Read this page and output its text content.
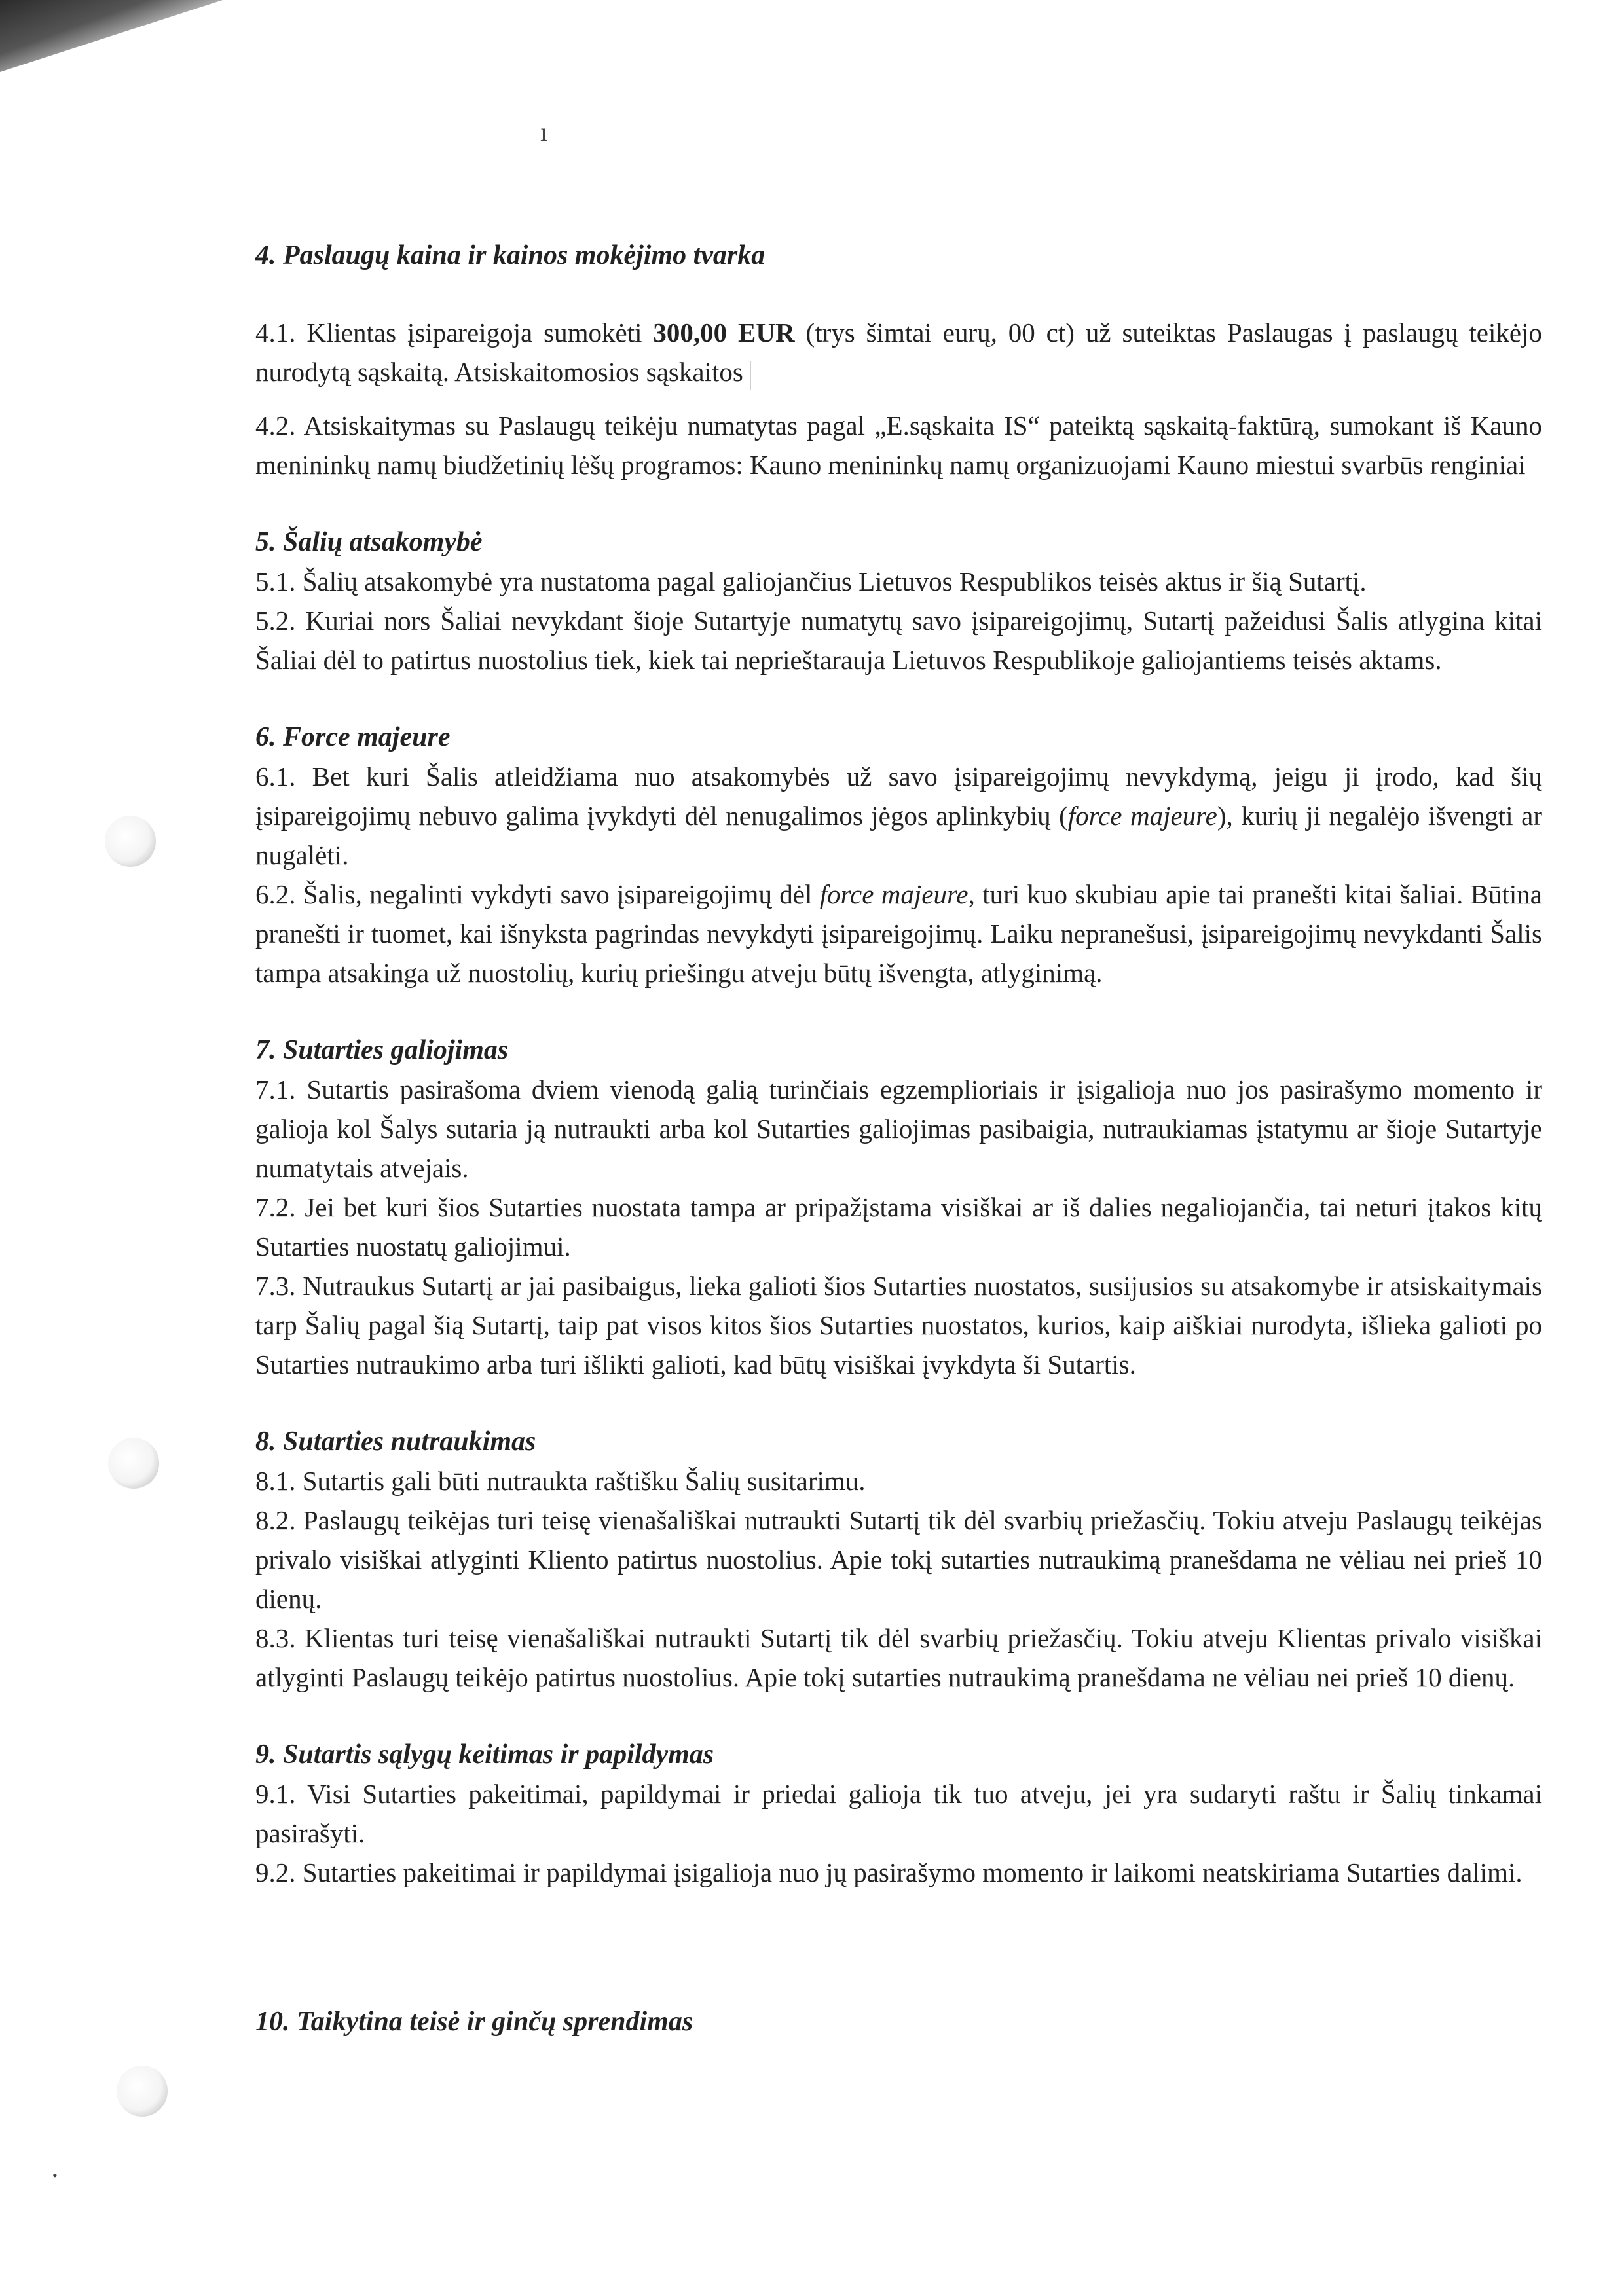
ı
•

4. Paslaugų kaina ir kainos mokėjimo tvarka

4.1. Klientas įsipareigoja sumokėti 300,00 EUR (trys šimtai eurų, 00 ct) už suteiktas Paslaugas į paslaugų teikėjo nurodytą sąskaitą. Atsiskaitomosios sąskaitos

4.2. Atsiskaitymas su Paslaugų teikėju numatytas pagal „E.sąskaita IS“ pateiktą sąskaitą-faktūrą, sumokant iš Kauno menininkų namų biudžetinių lėšų programos: Kauno menininkų namų organizuojami Kauno miestui svarbūs renginiai

5. Šalių atsakomybė

5.1. Šalių atsakomybė yra nustatoma pagal galiojančius Lietuvos Respublikos teisės aktus ir šią Sutartį.

5.2. Kuriai nors Šaliai nevykdant šioje Sutartyje numatytų savo įsipareigojimų, Sutartį pažeidusi Šalis atlygina kitai Šaliai dėl to patirtus nuostolius tiek, kiek tai neprieštarauja Lietuvos Respublikoje galiojantiems teisės aktams.

6. Force majeure

6.1. Bet kuri Šalis atleidžiama nuo atsakomybės už savo įsipareigojimų nevykdymą, jeigu ji įrodo, kad šių įsipareigojimų nebuvo galima įvykdyti dėl nenugalimos jėgos aplinkybių (force majeure), kurių ji negalėjo išvengti ar nugalėti.

6.2. Šalis, negalinti vykdyti savo įsipareigojimų dėl force majeure, turi kuo skubiau apie tai pranešti kitai šaliai. Būtina pranešti ir tuomet, kai išnyksta pagrindas nevykdyti įsipareigojimų. Laiku nepranešusi, įsipareigojimų nevykdanti Šalis tampa atsakinga už nuostolių, kurių priešingu atveju būtų išvengta, atlyginimą.

7. Sutarties galiojimas

7.1. Sutartis pasirašoma dviem vienodą galią turinčiais egzemplioriais ir įsigalioja nuo jos pasirašymo momento ir galioja kol Šalys sutaria ją nutraukti arba kol Sutarties galiojimas pasibaigia, nutraukiamas įstatymu ar šioje Sutartyje numatytais atvejais.

7.2. Jei bet kuri šios Sutarties nuostata tampa ar pripažįstama visiškai ar iš dalies negaliojančia, tai neturi įtakos kitų Sutarties nuostatų galiojimui.

7.3. Nutraukus Sutartį ar jai pasibaigus, lieka galioti šios Sutarties nuostatos, susijusios su atsakomybe ir atsiskaitymais tarp Šalių pagal šią Sutartį, taip pat visos kitos šios Sutarties nuostatos, kurios, kaip aiškiai nurodyta, išlieka galioti po Sutarties nutraukimo arba turi išlikti galioti, kad būtų visiškai įvykdyta ši Sutartis.

8. Sutarties nutraukimas

8.1. Sutartis gali būti nutraukta raštišku Šalių susitarimu.

8.2. Paslaugų teikėjas turi teisę vienašališkai nutraukti Sutartį tik dėl svarbių priežasčių. Tokiu atveju Paslaugų teikėjas privalo visiškai atlyginti Kliento patirtus nuostolius. Apie tokį sutarties nutraukimą pranešdama ne vėliau nei prieš 10 dienų.

8.3. Klientas turi teisę vienašališkai nutraukti Sutartį tik dėl svarbių priežasčių. Tokiu atveju Klientas privalo visiškai atlyginti Paslaugų teikėjo patirtus nuostolius. Apie tokį sutarties nutraukimą pranešdama ne vėliau nei prieš 10 dienų.

9. Sutartis sąlygų keitimas ir papildymas

9.1. Visi Sutarties pakeitimai, papildymai ir priedai galioja tik tuo atveju, jei yra sudaryti raštu ir Šalių tinkamai pasirašyti.

9.2. Sutarties pakeitimai ir papildymai įsigalioja nuo jų pasirašymo momento ir laikomi neatskiriama Sutarties dalimi.

10. Taikytina teisė ir ginčų sprendimas
